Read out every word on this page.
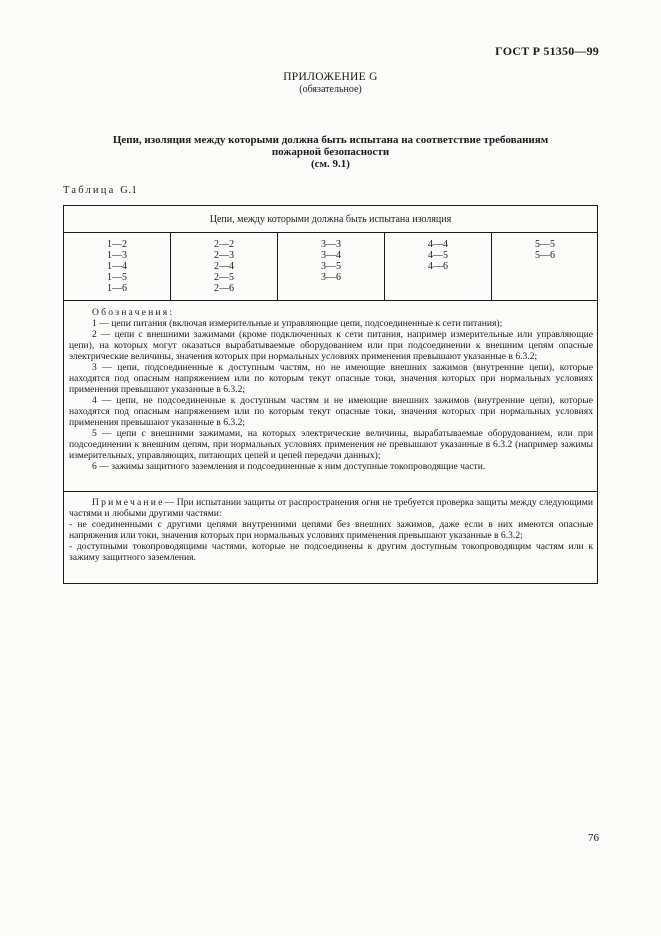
ГОСТ Р 51350—99
ПРИЛОЖЕНИЕ G
(обязательное)
Цепи, изоляция между которыми должна быть испытана на соответствие требованиям
пожарной безопасности
(см. 9.1)
Таблица G.1
Цепи, между которыми должна быть испытана изоляция
1—2
1—3
1—4
1—5
1—6
2—2
2—3
2—4
2—5
2—6
3—3
3—4
3—5
3—6
4—4
4—5
4—6
5—5
5—6

Обозначения:

1 — цепи питания (включая измерительные и управляющие цепи, подсоединенные к сети питания);

2 — цепи с внешними зажимами (кроме подключенных к сети питания, например измерительные или управляющие цепи), на которых могут оказаться вырабатываемые оборудованием или при подсоединении к внешним цепям опасные электрические величины, значения которых при нормальных условиях применения превышают указанные в 6.3.2;

3 — цепи, подсоединенные к доступным частям, но не имеющие внешних зажимов (внутренние цепи), которые находятся под опасным напряжением или по которым текут опасные токи, значения которых при нормальных условиях применения превышают указанные в 6.3.2;

4 — цепи, не подсоединенные к доступным частям и не имеющие внешних зажимов (внутренние цепи), которые находятся под опасным напряжением или по которым текут опасные токи, значения которых при нормальных условиях применения превышают указанные в 6.3.2;

5 — цепи с внешними зажимами, на которых электрические величины, вырабатываемые оборудованием, или при подсоединении к внешним цепям, при нормальных условиях применения не превышают указанные в 6.3.2 (например зажимы измерительных, управляющих, питающих цепей и цепей передачи данных);

6 — зажимы защитного заземления и подсоединенные к ним доступные токопроводящие части.

Примечание— При испытании защиты от распространения огня не требуется проверка защиты между следующими частями и любыми другими частями:

- не соединенными с другими цепями внутренними цепями без внешних зажимов, даже если в них имеются опасные напряжения или токи, значения которых при нормальных условиях применения превышают указанные в 6.3.2;

- доступными токопроводящими частями, которые не подсоединены к другим доступным токопроводящим частям или к зажиму защитного заземления.

76
